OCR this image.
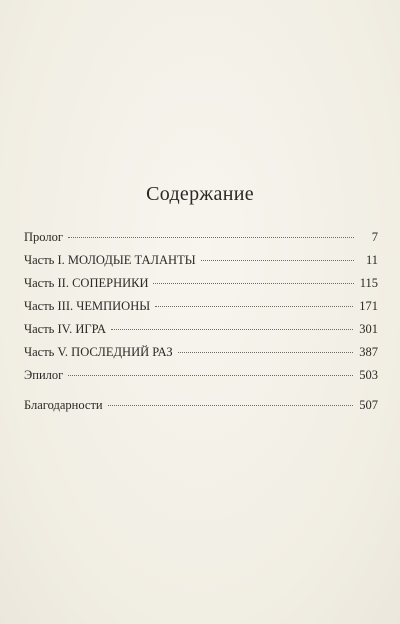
Содержание
Пролог	7
Часть I. МОЛОДЫЕ ТАЛАНТЫ	11
Часть II. СОПЕРНИКИ	115
Часть III. ЧЕМПИОНЫ	171
Часть IV. ИГРА	301
Часть V. ПОСЛЕДНИЙ РАЗ	387
Эпилог	503
Благодарности	507
